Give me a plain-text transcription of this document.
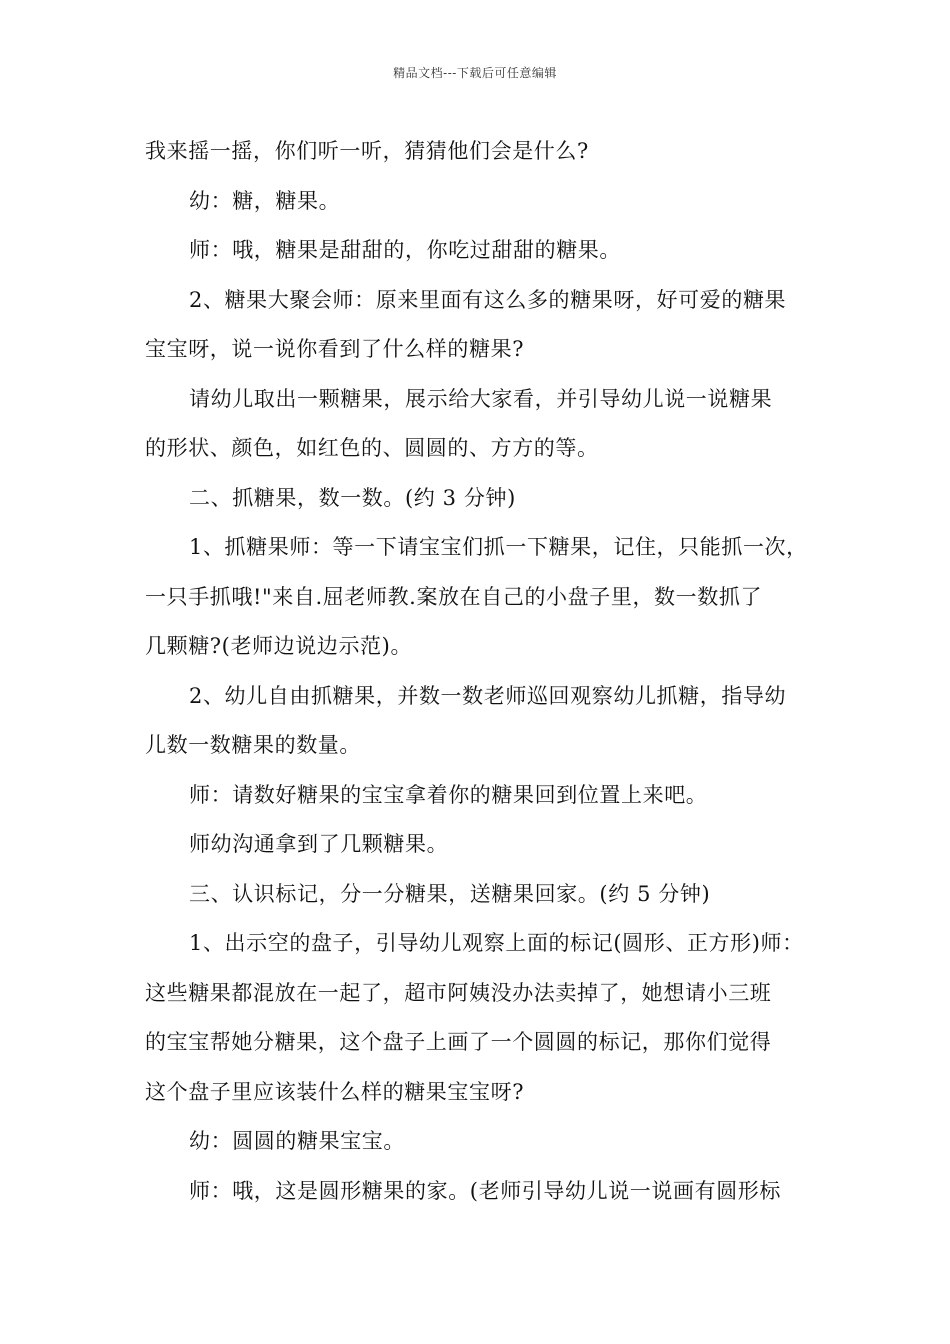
精品文档---下载后可任意编辑

我来摇一摇，你们听一听，猜猜他们会是什么?

幼：糖，糖果。

师：哦，糖果是甜甜的，你吃过甜甜的糖果。

2、糖果大聚会师：原来里面有这么多的糖果呀，好可爱的糖果

宝宝呀，说一说你看到了什么样的糖果?

请幼儿取出一颗糖果，展示给大家看，并引导幼儿说一说糖果

的形状、颜色，如红色的、圆圆的、方方的等。

二、抓糖果，数一数。(约 3 分钟)

1、抓糖果师：等一下请宝宝们抓一下糖果，记住，只能抓一次，

一只手抓哦!"来自.屈老师教.案放在自己的小盘子里，数一数抓了

几颗糖?(老师边说边示范)。

2、幼儿自由抓糖果，并数一数老师巡回观察幼儿抓糖，指导幼

儿数一数糖果的数量。

师：请数好糖果的宝宝拿着你的糖果回到位置上来吧。

师幼沟通拿到了几颗糖果。

三、认识标记，分一分糖果，送糖果回家。(约 5 分钟)

1、出示空的盘子，引导幼儿观察上面的标记(圆形、正方形)师：

这些糖果都混放在一起了，超市阿姨没办法卖掉了，她想请小三班

的宝宝帮她分糖果，这个盘子上画了一个圆圆的标记，那你们觉得

这个盘子里应该装什么样的糖果宝宝呀?

幼：圆圆的糖果宝宝。

师：哦，这是圆形糖果的家。(老师引导幼儿说一说画有圆形标
